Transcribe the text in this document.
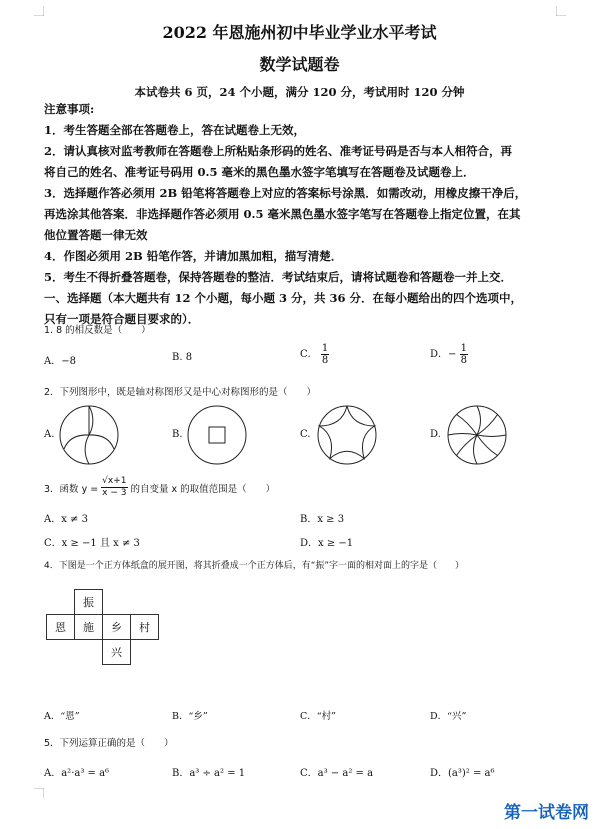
2022 年恩施州初中毕业学业水平考试
数学试题卷
本试卷共 6 页，24 个小题，满分 120 分，考试用时 120 分钟
注意事项:
1．考生答题全部在答题卷上，答在试题卷上无效，
2．请认真核对监考教师在答题卷上所粘贴条形码的姓名、准考证号码是否与本人相符合，再
将自己的姓名、准考证号码用 0.5 毫米的黑色墨水签字笔填写在答题卷及试题卷上．
3．选择题作答必须用 2B 铅笔将答题卷上对应的答案标号涂黑．如需改动，用橡皮擦干净后，
再选涂其他答案．非选择题作答必须用 0.5 毫米黑色墨水签字笔写在答题卷上指定位置，在其
他位置答题一律无效
4．作图必须用 2B 铅笔作答，并请加黑加粗，描写清楚．
5．考生不得折叠答题卷，保持答题卷的整洁．考试结束后，请将试题卷和答题卷一并上交．
一、选择题（本大题共有 12 个小题，每小题 3 分，共 36 分．在每小题给出的四个选项中，
只有一项是符合题目要求的）．
1. 8 的相反数是（　　）
A．−8	B. 8	C． $\frac{1}{8}$	D．− $\frac{1}{8}$
2．下列图形中，既是轴对称图形又是中心对称图形的是（　　）
A.	B.	C.	D.
3．函数 $y = \frac{√x+1}{x - 3}$ 的自变量 x 的取值范围是（　　）
A．x ≠ 3	B．x ≥ 3
C．x ≥ −1 且 x ≠ 3	D．x ≥ −1
4．下图是一个正方体纸盒的展开图，将其折叠成一个正方体后，有“振”字一面的相对面上的字是（　　）
	振		
恩	施	乡	村
		兴	
A．“恩”	B．“乡”	C．“村”	D．“兴”
5．下列运算正确的是（　　）
A．a²·a³ = a⁶	B．a³ ÷ a² = 1	C．a³ − a² = a	D．(a³)² = a⁶
第一试卷网
